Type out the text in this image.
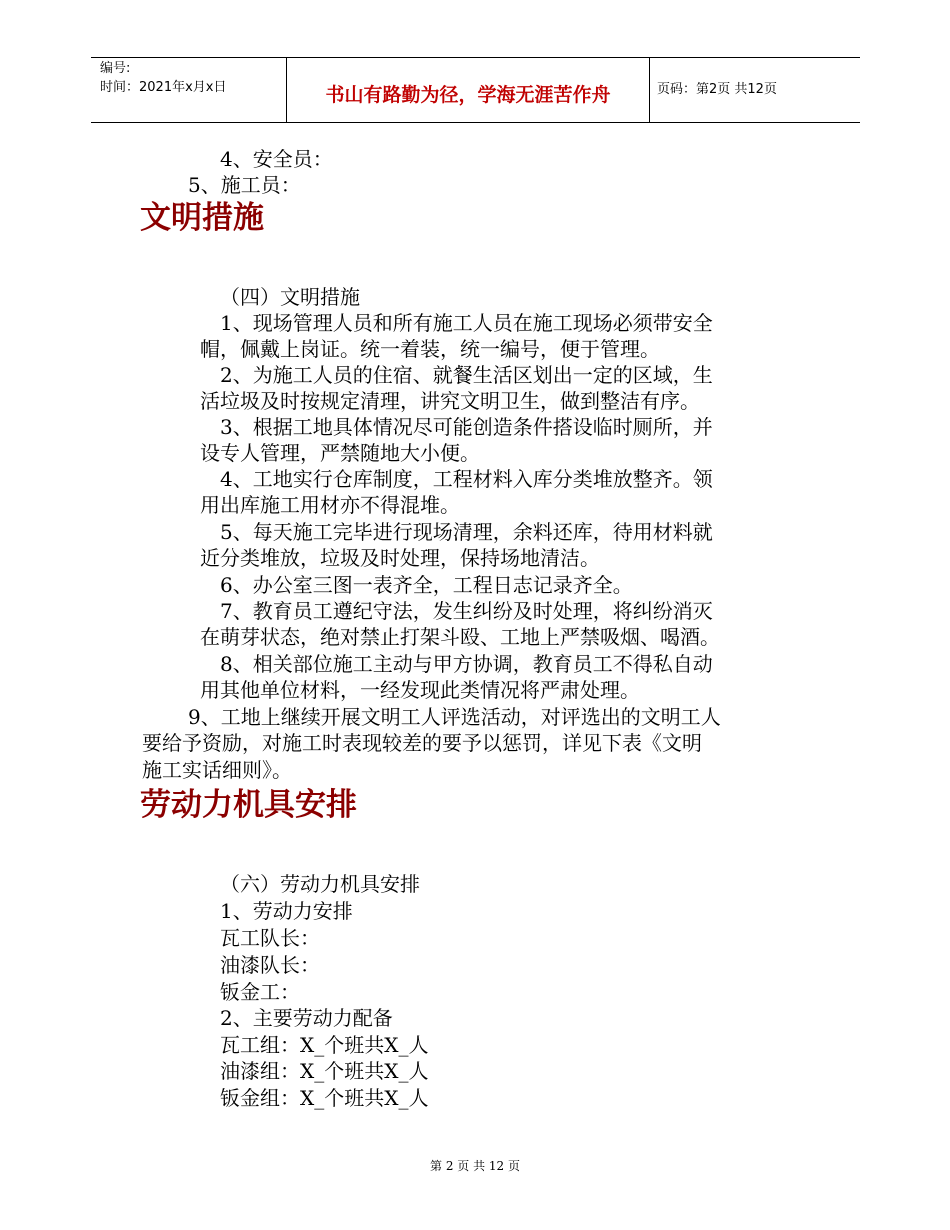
编号:
时间：2021年x月x日	书山有路勤为径，学海无涯苦作舟	页码：第2页 共12页
4、安全员：
5、施工员：
文明措施
（四）文明措施
1、现场管理人员和所有施工人员在施工现场必须带安全
帽，佩戴上岗证。统一着装，统一编号，便于管理。
2、为施工人员的住宿、就餐生活区划出一定的区域，生
活垃圾及时按规定清理，讲究文明卫生，做到整洁有序。
3、根据工地具体情况尽可能创造条件搭设临时厕所，并
设专人管理，严禁随地大小便。
4、工地实行仓库制度，工程材料入库分类堆放整齐。领
用出库施工用材亦不得混堆。
5、每天施工完毕进行现场清理，余料还库，待用材料就
近分类堆放，垃圾及时处理，保持场地清洁。
6、办公室三图一表齐全，工程日志记录齐全。
7、教育员工遵纪守法，发生纠纷及时处理，将纠纷消灭
在萌芽状态，绝对禁止打架斗殴、工地上严禁吸烟、喝酒。
8、相关部位施工主动与甲方协调，教育员工不得私自动
用其他单位材料，一经发现此类情况将严肃处理。
9、工地上继续开展文明工人评选活动，对评选出的文明工人
要给予资励，对施工时表现较差的要予以惩罚，详见下表《文明
施工实话细则》。
劳动力机具安排
（六）劳动力机具安排
1、劳动力安排
瓦工队长：
油漆队长：
钣金工：
2、主要劳动力配备
瓦工组：X_个班共X_人
油漆组：X_个班共X_人
钣金组：X_个班共X_人
第 2 页 共 12 页
